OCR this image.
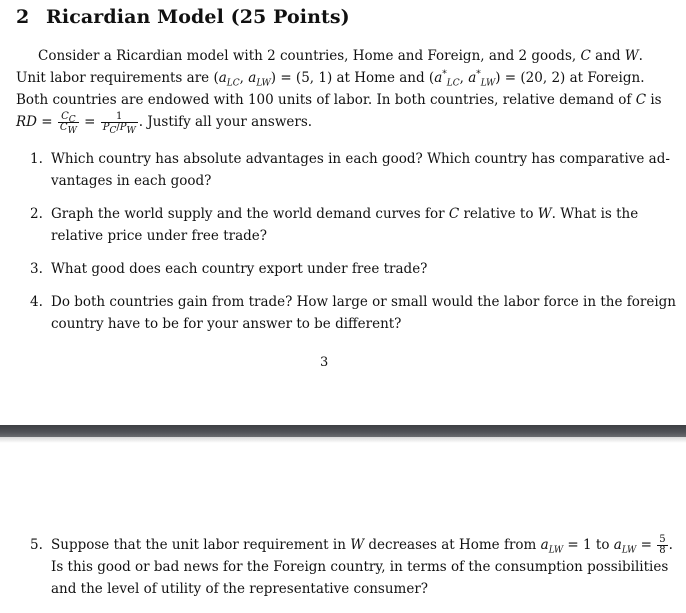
2 Ricardian Model (25 Points)
Consider a Ricardian model with 2 countries, Home and Foreign, and 2 goods, C and W.
Unit labor requirements are ($a_{LC}$, $a_{LW}) = (5$, 1) at Home and ($a^*_{LC}$, $a^*_{LW}) = (20$, 2) at Foreign.
Both countries are endowed with 100 units of labor. In both countries, relative demand of C is
RD = $\frac{C_C}{C_W} = \frac{1}{P_C/P_W}$ . Justify all your answers.
1. Which country has absolute advantages in each good? Which country has comparative ad-
vantages in each good?
2. Graph the world supply and the world demand curves for C relative to W. What is the
relative price under free trade?
3. What good does each country export under free trade?
4. Do both countries gain from trade? How large or small would the labor force in the foreign
country have to be for your answer to be different?
3
5. Suppose that the unit labor requirement in W decreases at Home from $a_{LW} = 1$ to $a_{LW} = \frac{5}{8}$ .
Is this good or bad news for the Foreign country, in terms of the consumption possibilities
and the level of utility of the representative consumer?
